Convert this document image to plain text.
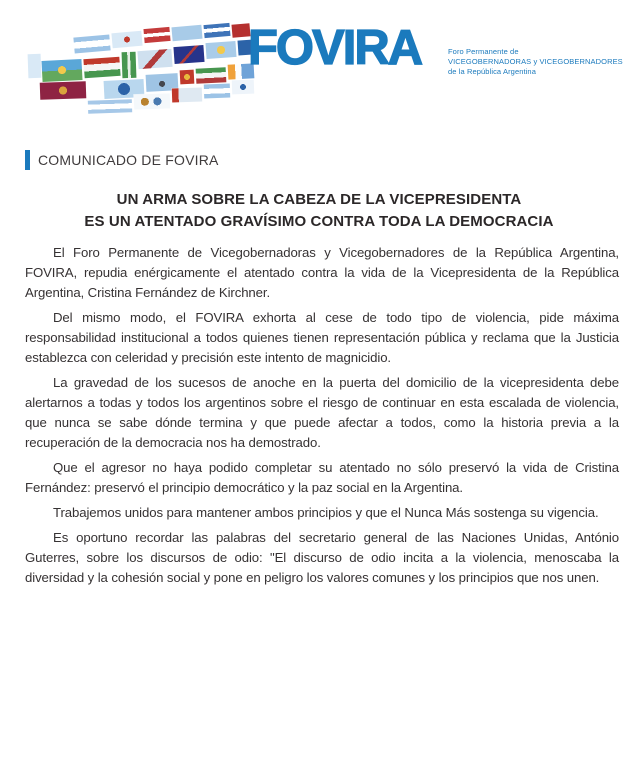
FOVIRA	Foro Permanente de
VICEGOBERNADORAS y VICEGOBERNADORES
de la República Argentina
COMUNICADO DE FOVIRA
UN ARMA SOBRE LA CABEZA DE LA VICEPRESIDENTA
ES UN ATENTADO GRAVÍSIMO CONTRA TODA LA DEMOCRACIA

El Foro Permanente de Vicegobernadoras y Vicegobernadores de la República Argentina, FOVIRA, repudia enérgicamente el atentado contra la vida de la Vicepresidenta de la República Argentina, Cristina Fernández de Kirchner.

Del mismo modo, el FOVIRA exhorta al cese de todo tipo de violencia, pide máxima responsabilidad institucional a todos quienes tienen representación pública y reclama que la Justicia establezca con celeridad y precisión este intento de magnicidio.

La gravedad de los sucesos de anoche en la puerta del domicilio de la vicepresidenta debe alertarnos a todas y todos los argentinos sobre el riesgo de continuar en esta escalada de violencia, que nunca se sabe dónde termina y que puede afectar a todos, como la historia previa a la recuperación de la democracia nos ha demostrado.

Que el agresor no haya podido completar su atentado no sólo preservó la vida de Cristina Fernández: preservó el principio democrático y la paz social en la Argentina.

Trabajemos unidos para mantener ambos principios y que el Nunca Más sostenga su vigencia.

Es oportuno recordar las palabras del secretario general de las Naciones Unidas, António Guterres, sobre los discursos de odio: "El discurso de odio incita a la violencia, menoscaba la diversidad y la cohesión social y pone en peligro los valores comunes y los principios que nos unen.
